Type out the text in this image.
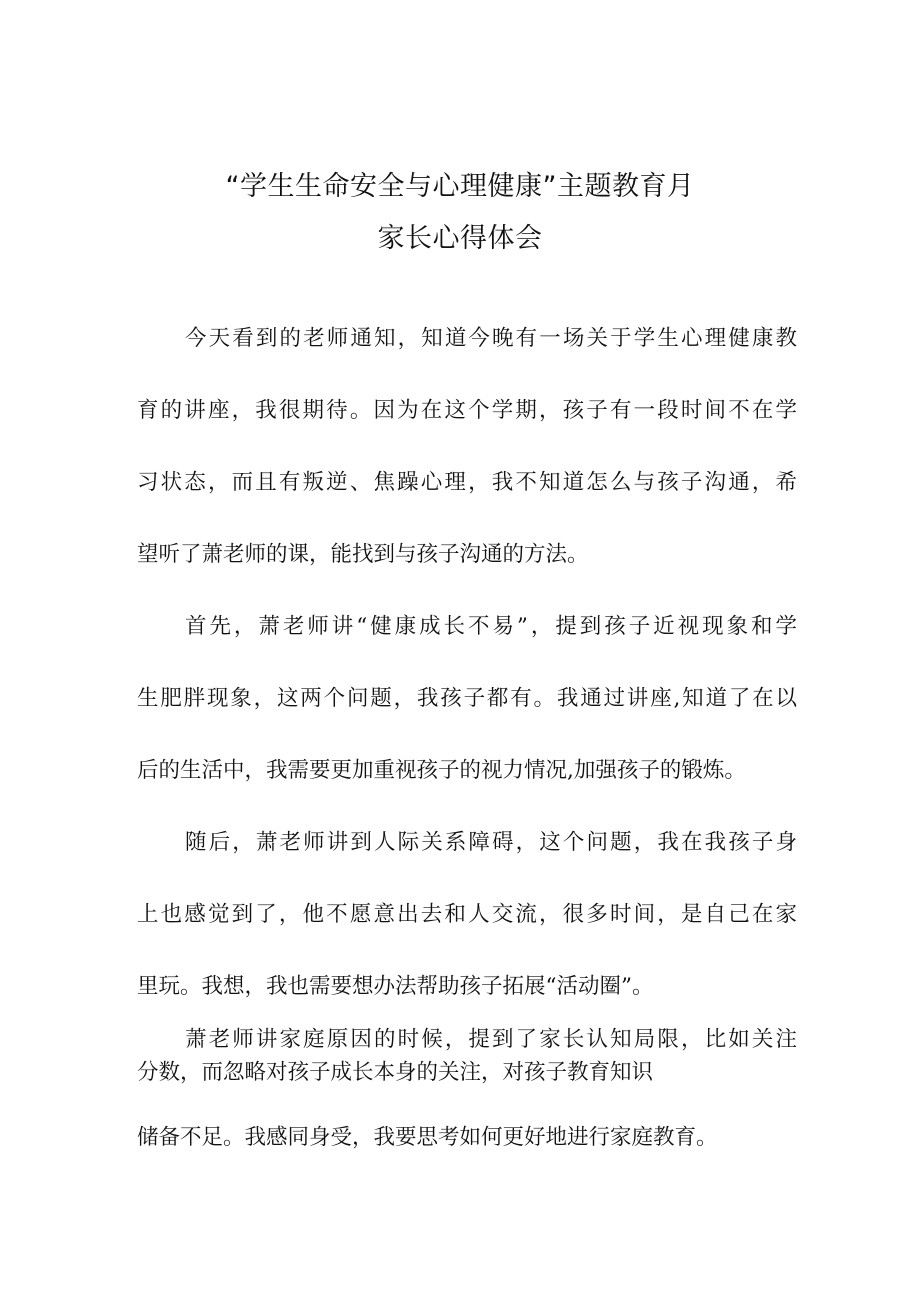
“学生生命安全与心理健康”主题教育月
家长心得体会
今天看到的老师通知，知道今晚有一场关于学生心理健康教
育的讲座，我很期待。因为在这个学期，孩子有一段时间不在学
习状态，而且有叛逆、焦躁心理，我不知道怎么与孩子沟通，希
望听了萧老师的课，能找到与孩子沟通的方法。
首先，萧老师讲“健康成长不易”，提到孩子近视现象和学
生肥胖现象，这两个问题，我孩子都有。我通过讲座,知道了在以
后的生活中，我需要更加重视孩子的视力情况,加强孩子的锻炼。
随后，萧老师讲到人际关系障碍，这个问题，我在我孩子身
上也感觉到了，他不愿意出去和人交流，很多时间，是自己在家
里玩。我想，我也需要想办法帮助孩子拓展“活动圈”。
萧老师讲家庭原因的时候，提到了家长认知局限，比如关注
分数，而忽略对孩子成长本身的关注，对孩子教育知识
储备不足。我感同身受，我要思考如何更好地进行家庭教育。
